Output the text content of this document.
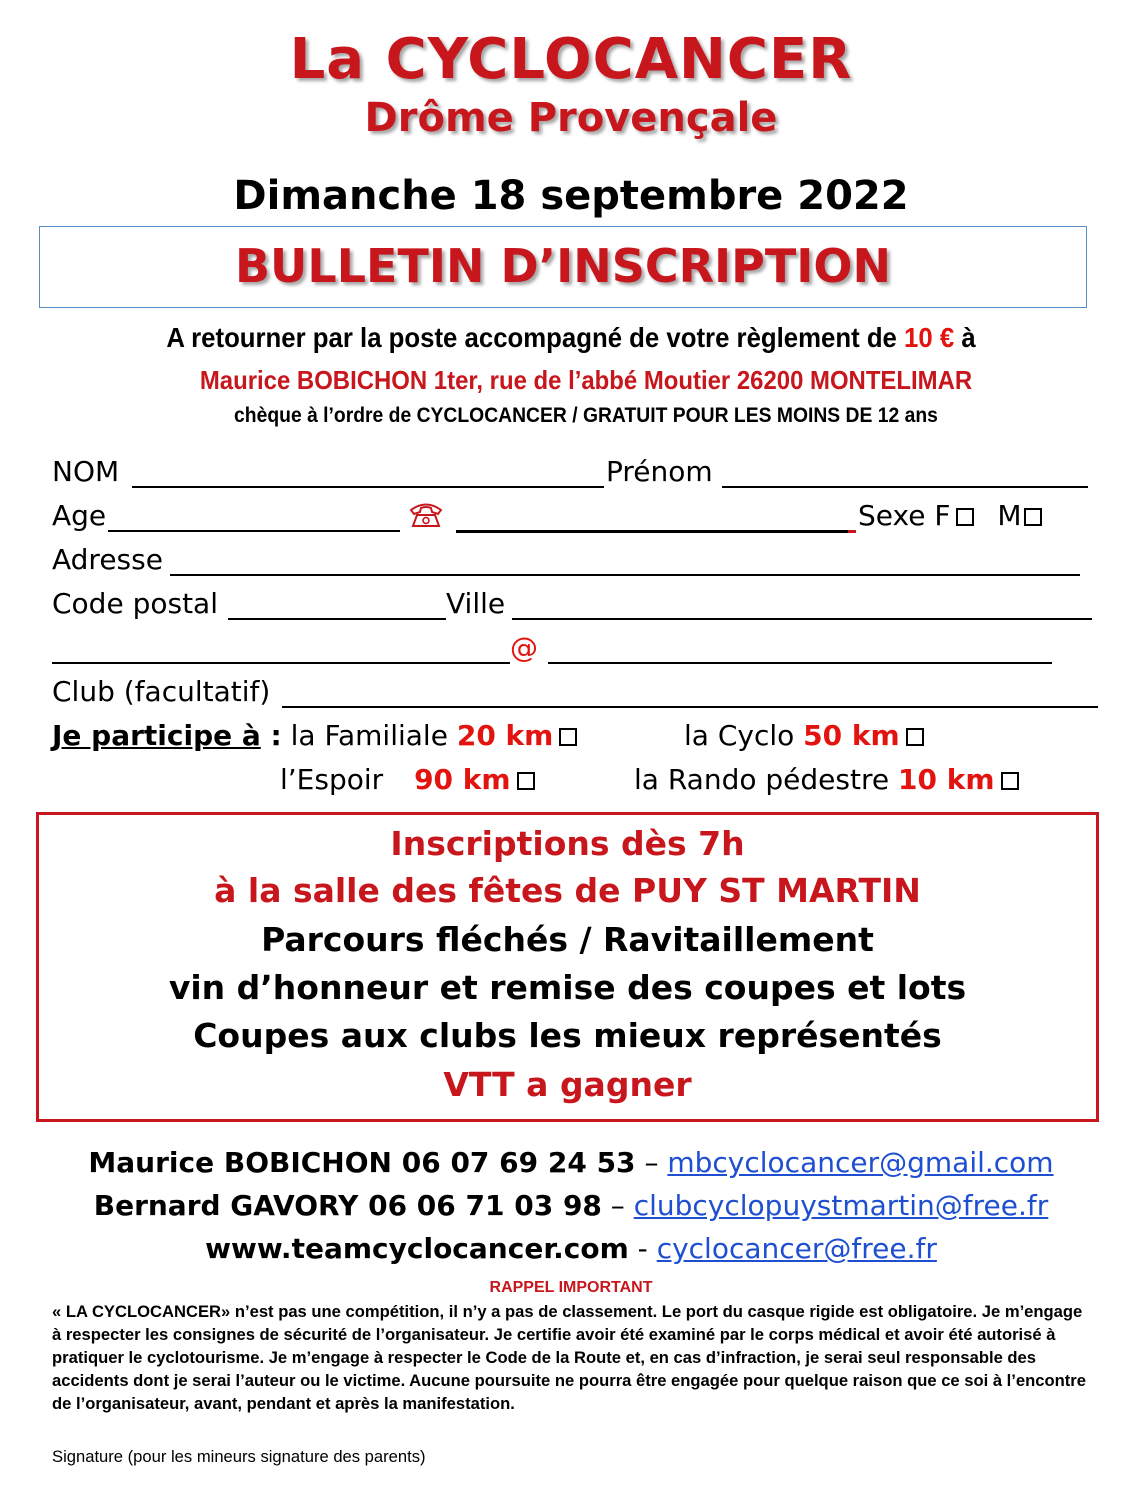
La CYCLOCANCER
Drôme Provençale
Dimanche 18 septembre 2022
BULLETIN D’INSCRIPTION
A retourner par la poste accompagné de votre règlement de 10 € à
Maurice BOBICHON 1ter, rue de l’abbé Moutier 26200 MONTELIMAR
chèque à l’ordre de CYCLOCANCER / GRATUIT POUR LES MOINS DE 12 ans
NOM	Prénom
Age	Sexe F M
Adresse
Code postal	Ville
@
Club (facultatif)
Je participe à : la Familiale 20 km	la Cyclo 50 km
l’Espoir 90 km	la Rando pédestre 10 km
Inscriptions dès 7h
à la salle des fêtes de PUY ST MARTIN
Parcours fléchés / Ravitaillement
vin d’honneur et remise des coupes et lots
Coupes aux clubs les mieux représentés
VTT a gagner
Maurice BOBICHON 06 07 69 24 53 – mbcyclocancer@gmail.com
Bernard GAVORY 06 06 71 03 98 – clubcyclopuystmartin@free.fr
www.teamcyclocancer.com - cyclocancer@free.fr
RAPPEL IMPORTANT
« LA CYCLOCANCER» n’est pas une compétition, il n’y a pas de classement. Le port du casque rigide est obligatoire. Je m’engage à respecter les consignes de sécurité de l’organisateur. Je certifie avoir été examiné par le corps médical et avoir été autorisé à pratiquer le cyclotourisme. Je m’engage à respecter le Code de la Route et, en cas d’infraction, je serai seul responsable des accidents dont je serai l’auteur ou le victime. Aucune poursuite ne pourra être engagée pour quelque raison que ce soi à l’encontre de l’organisateur, avant, pendant et après la manifestation.
Signature (pour les mineurs signature des parents)
